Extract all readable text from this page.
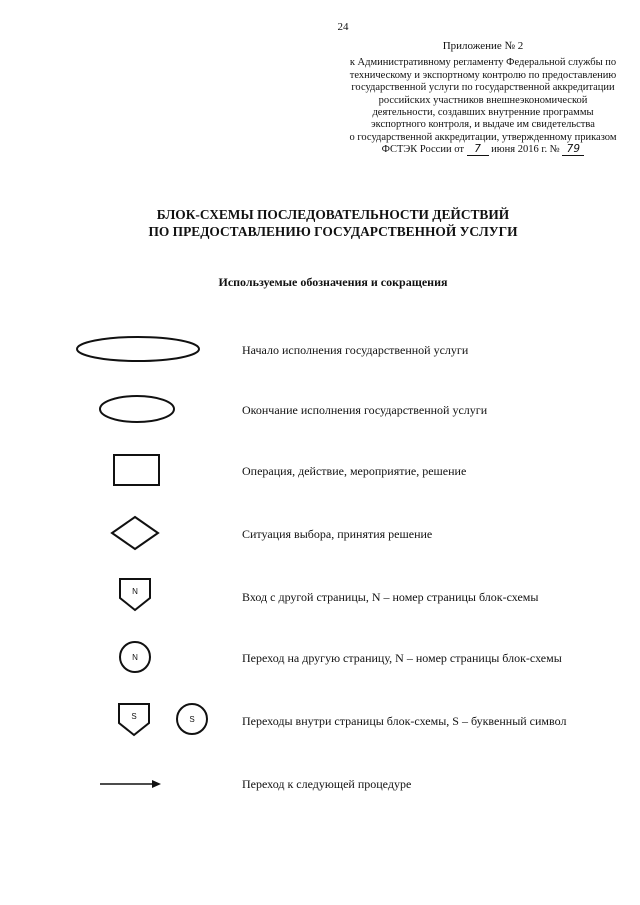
24
Приложение № 2
к Административному регламенту Федеральной службы по
техническому и экспортному контролю по предоставлению
государственной услуги по государственной аккредитации
российских участников внешнеэкономической
деятельности, создавших внутренние программы
экспортного контроля, и выдаче им свидетельства
о государственной аккредитации, утвержденному приказом
ФСТЭК России от 7 июня 2016 г. № 79
БЛОК-СХЕМЫ ПОСЛЕДОВАТЕЛЬНОСТИ ДЕЙСТВИЙ
ПО ПРЕДОСТАВЛЕНИЮ ГОСУДАРСТВЕННОЙ УСЛУГИ
Используемые обозначения и сокращения
Начало исполнения государственной услуги
Окончание исполнения государственной услуги
Операция, действие, мероприятие, решение
Ситуация выбора, принятия решение
N	Вход с другой страницы, N – номер страницы блок-схемы
N	Переход на другую страницу, N – номер страницы блок-схемы
S	S	Переходы внутри страницы блок-схемы, S – буквенный символ
Переход к следующей процедуре
